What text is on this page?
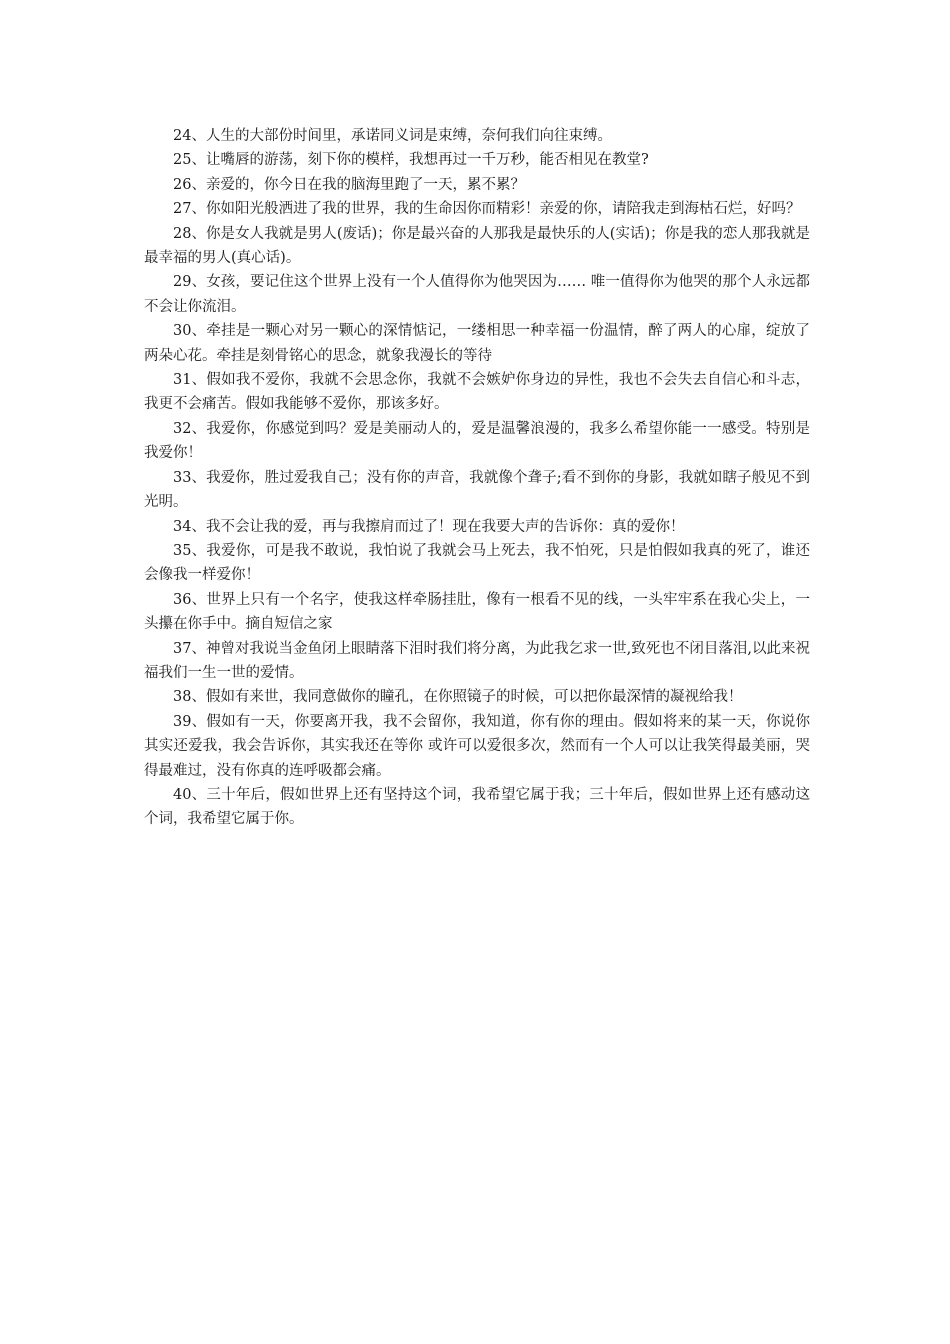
24、人生的大部份时间里，承诺同义词是束缚，奈何我们向往束缚。

25、让嘴唇的游荡，刻下你的模样，我想再过一千万秒，能否相见在教堂?

26、亲爱的，你今日在我的脑海里跑了一天，累不累？

27、你如阳光般洒进了我的世界，我的生命因你而精彩！亲爱的你，请陪我走到海枯石烂，好吗？

28、你是女人我就是男人(废话)；你是最兴奋的人那我是最快乐的人(实话)；你是我的恋人那我就是最幸福的男人(真心话)。

29、女孩，要记住这个世界上没有一个人值得你为他哭因为…… 唯一值得你为他哭的那个人永远都不会让你流泪。

30、牵挂是一颗心对另一颗心的深情惦记，一缕相思一种幸福一份温情，醉了两人的心扉，绽放了两朵心花。牵挂是刻骨铭心的思念，就象我漫长的等待

31、假如我不爱你，我就不会思念你，我就不会嫉妒你身边的异性，我也不会失去自信心和斗志，我更不会痛苦。假如我能够不爱你，那该多好。

32、我爱你，你感觉到吗？爱是美丽动人的，爱是温馨浪漫的，我多么希望你能一一感受。特别是我爱你！

33、我爱你，胜过爱我自己；没有你的声音，我就像个聋子;看不到你的身影，我就如瞎子般见不到光明。

34、我不会让我的爱，再与我擦肩而过了！现在我要大声的告诉你：真的爱你！

35、我爱你，可是我不敢说，我怕说了我就会马上死去，我不怕死，只是怕假如我真的死了，谁还会像我一样爱你！

36、世界上只有一个名字，使我这样牵肠挂肚，像有一根看不见的线，一头牢牢系在我心尖上，一头攥在你手中。摘自短信之家

37、神曾对我说当金鱼闭上眼睛落下泪时我们将分离，为此我乞求一世,致死也不闭目落泪,以此来祝福我们一生一世的爱情。

38、假如有来世，我同意做你的瞳孔，在你照镜子的时候，可以把你最深情的凝视给我！

39、假如有一天，你要离开我，我不会留你，我知道，你有你的理由。假如将来的某一天，你说你其实还爱我，我会告诉你，其实我还在等你 或许可以爱很多次，然而有一个人可以让我笑得最美丽，哭得最难过，没有你真的连呼吸都会痛。

40、三十年后，假如世界上还有坚持这个词，我希望它属于我；三十年后，假如世界上还有感动这个词，我希望它属于你。
